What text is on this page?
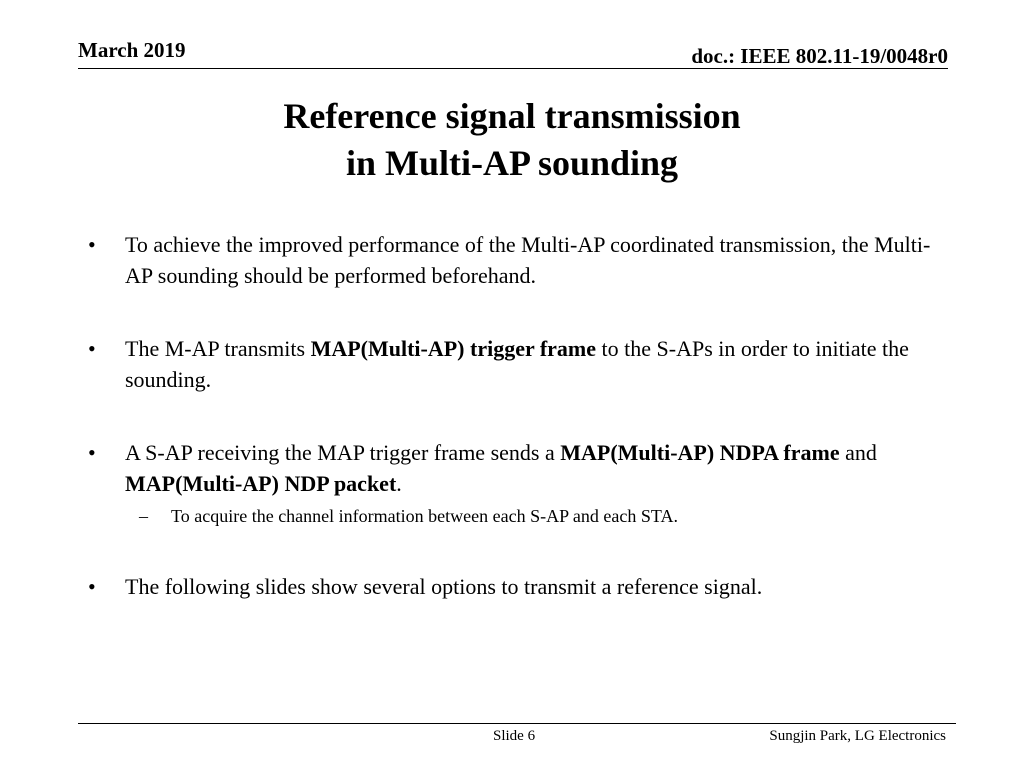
March 2019	doc.: IEEE 802.11-19/0048r0
Reference signal transmission
in Multi-AP sounding
•	To achieve the improved performance of the Multi-AP coordinated transmission, the Multi-AP sounding should be performed beforehand.
•	The M-AP transmits MAP(Multi-AP) trigger frame to the S-APs in order to initiate the sounding.
•	A S-AP receiving the MAP trigger frame sends a MAP(Multi-AP) NDPA frame and MAP(Multi-AP) NDP packet.
– To acquire the channel information between each S-AP and each STA.
•	The following slides show several options to transmit a reference signal.
Slide 6	Sungjin Park, LG Electronics
